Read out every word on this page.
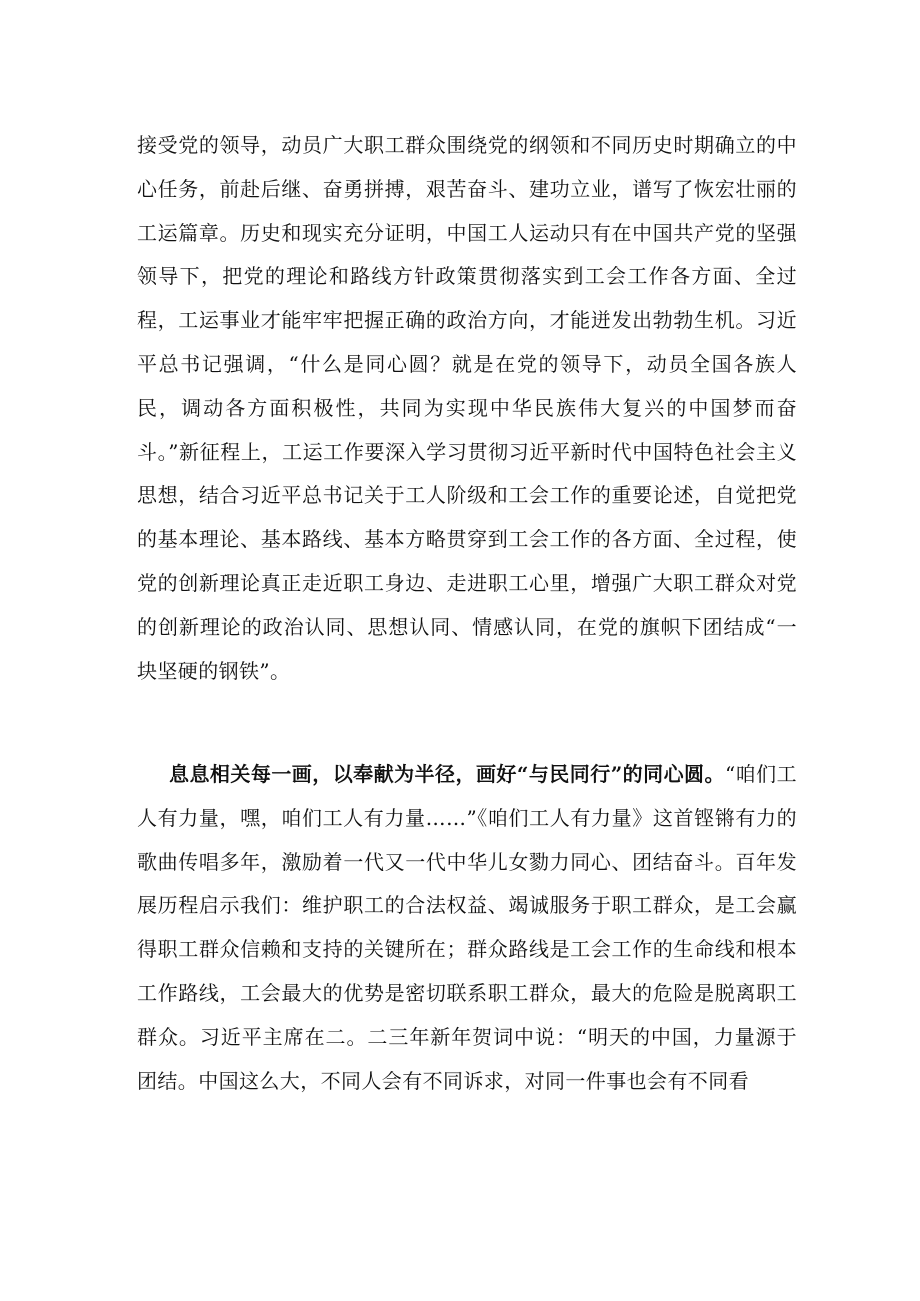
接受党的领导，动员广大职工群众围绕党的纲领和不同历史时期确立的中心任务，前赴后继、奋勇拼搏，艰苦奋斗、建功立业，谱写了恢宏壮丽的工运篇章。历史和现实充分证明，中国工人运动只有在中国共产党的坚强领导下，把党的理论和路线方针政策贯彻落实到工会工作各方面、全过程，工运事业才能牢牢把握正确的政治方向，才能迸发出勃勃生机。习近平总书记强调，“什么是同心圆？就是在党的领导下，动员全国各族人民，调动各方面积极性，共同为实现中华民族伟大复兴的中国梦而奋斗。”新征程上，工运工作要深入学习贯彻习近平新时代中国特色社会主义思想，结合习近平总书记关于工人阶级和工会工作的重要论述，自觉把党的基本理论、基本路线、基本方略贯穿到工会工作的各方面、全过程，使党的创新理论真正走近职工身边、走进职工心里，增强广大职工群众对党的创新理论的政治认同、思想认同、情感认同，在党的旗帜下团结成“一块坚硬的钢铁”。

息息相关每一画，以奉献为半径，画好“与民同行”的同心圆。“咱们工人有力量，嘿，咱们工人有力量……”《咱们工人有力量》这首铿锵有力的歌曲传唱多年，激励着一代又一代中华儿女勠力同心、团结奋斗。百年发展历程启示我们：维护职工的合法权益、竭诚服务于职工群众，是工会赢得职工群众信赖和支持的关键所在；群众路线是工会工作的生命线和根本工作路线，工会最大的优势是密切联系职工群众，最大的危险是脱离职工群众。习近平主席在二。二三年新年贺词中说：“明天的中国，力量源于团结。中国这么大，不同人会有不同诉求，对同一件事也会有不同看
